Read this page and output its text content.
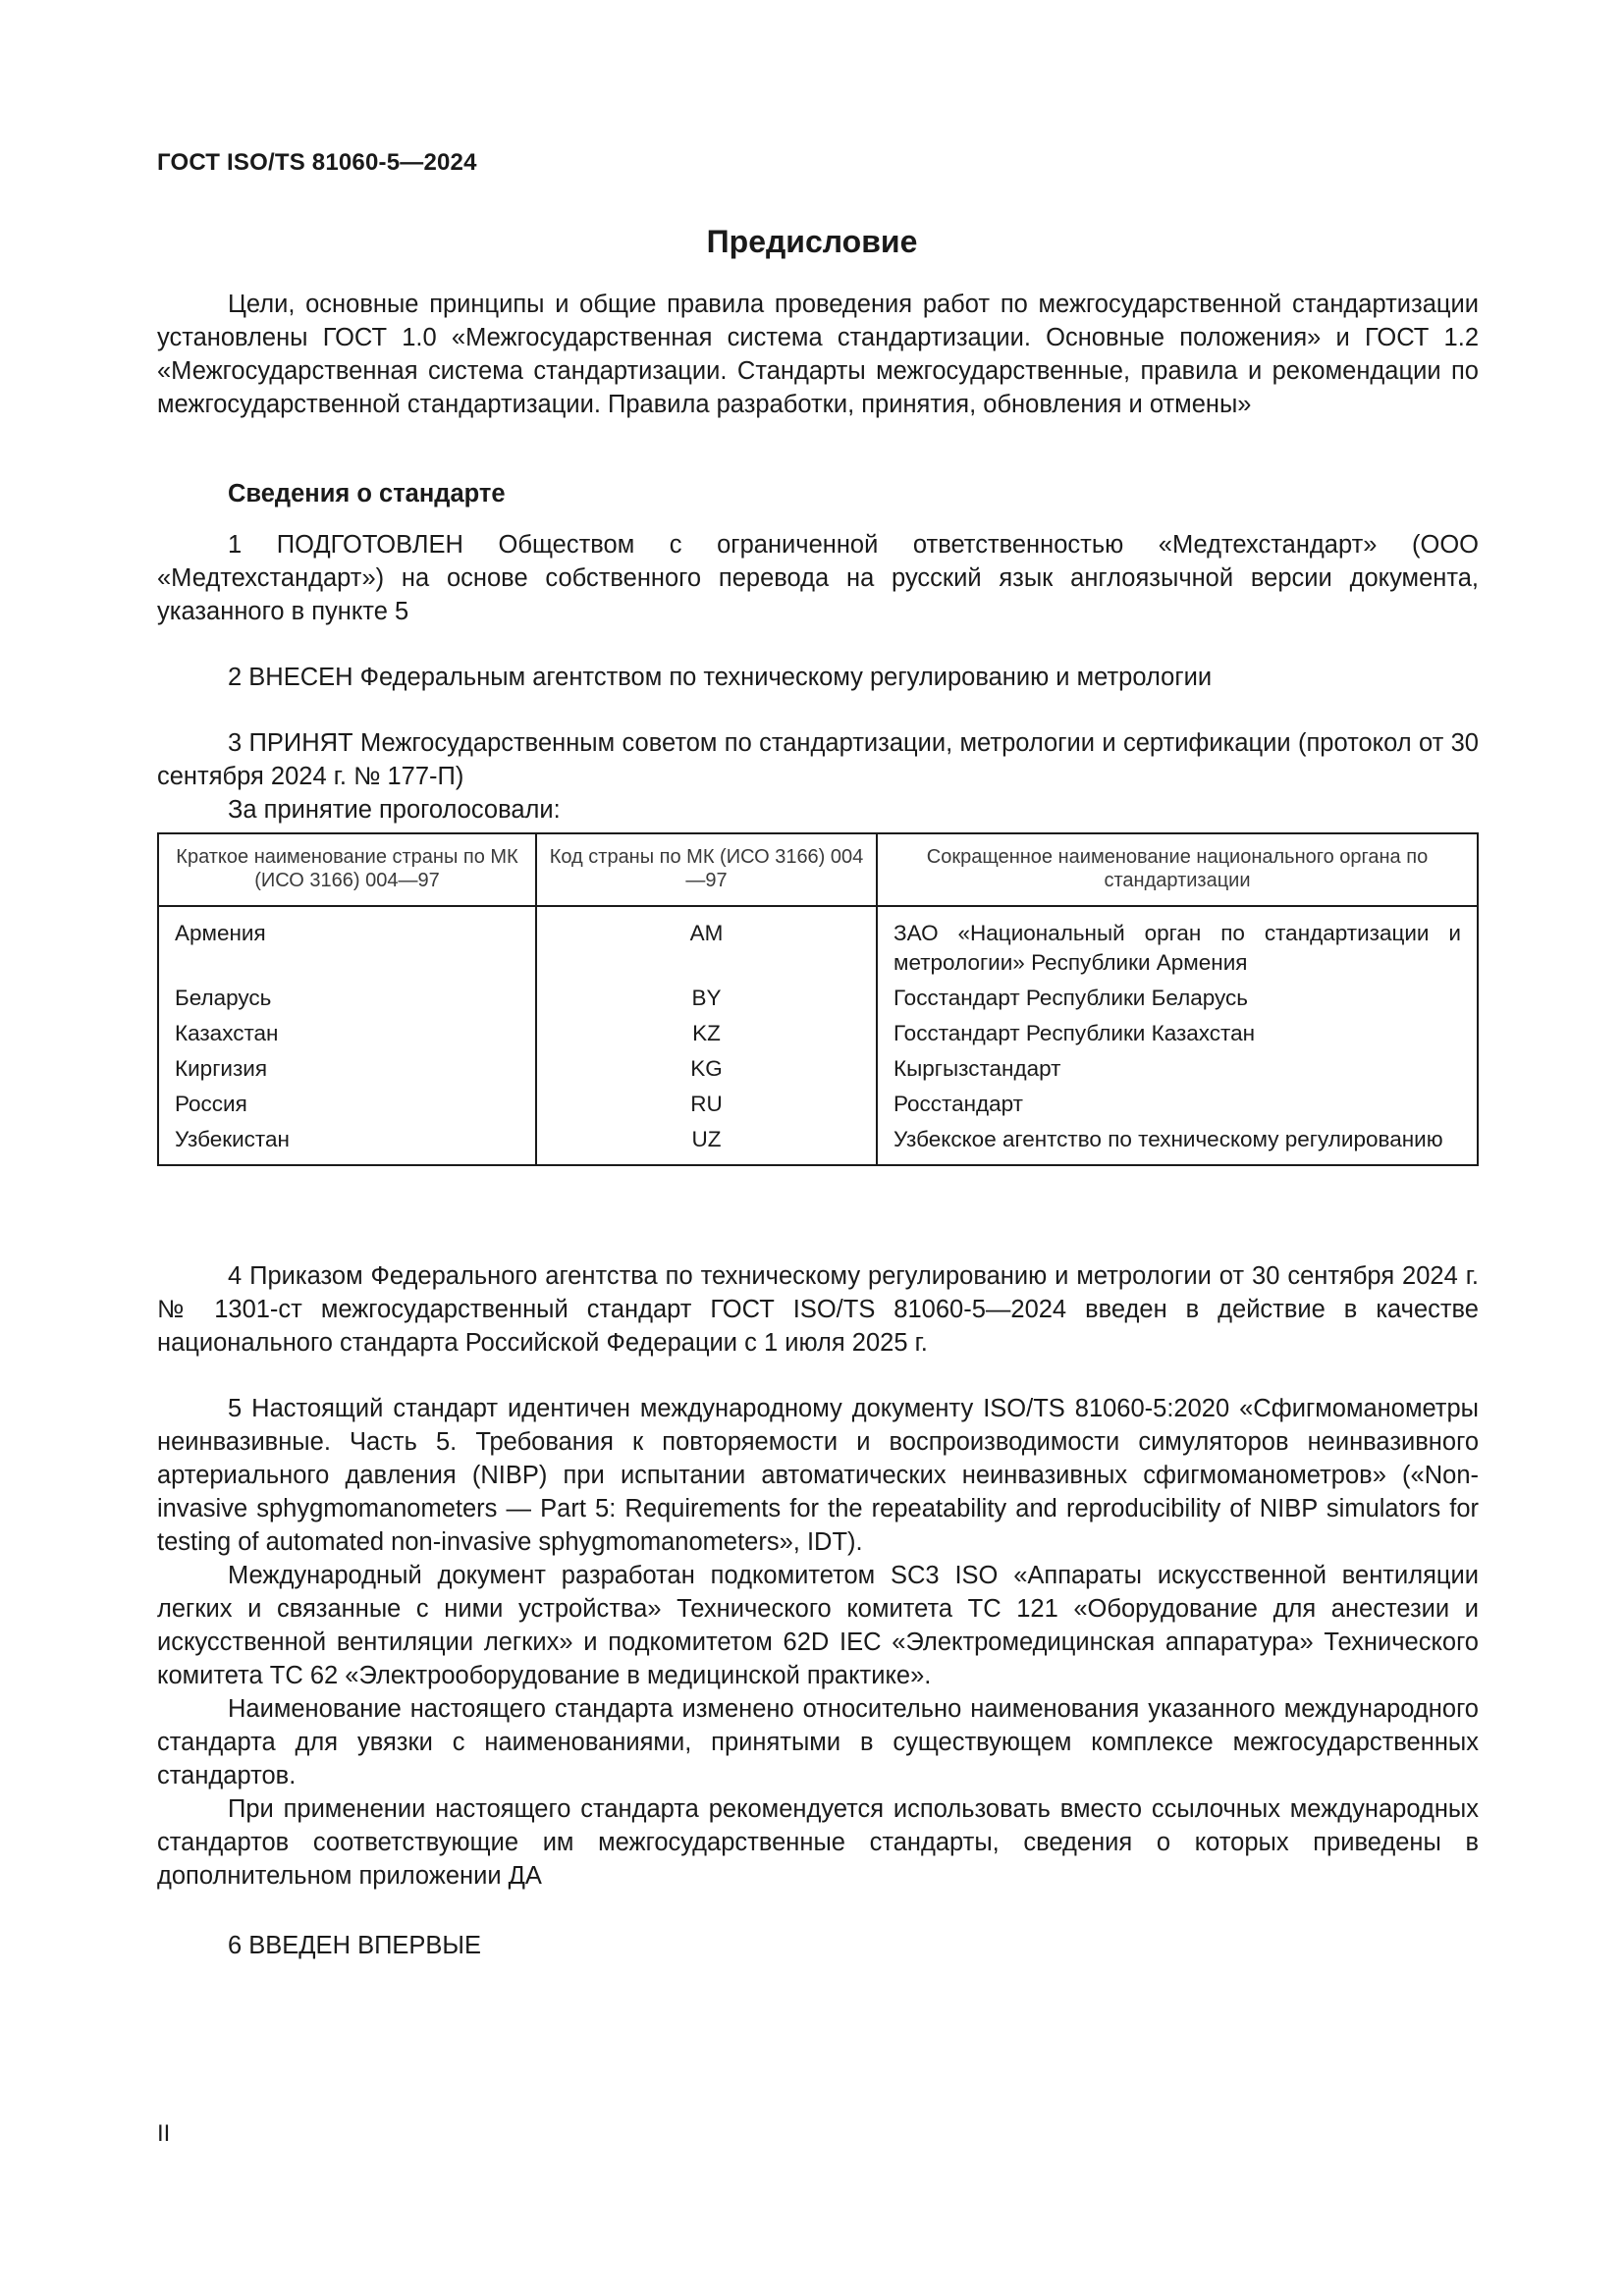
ГОСТ ISO/TS 81060-5—2024
Предисловие

Цели, основные принципы и общие правила проведения работ по межгосударственной стандартизации установлены ГОСТ 1.0 «Межгосударственная система стандартизации. Основные положения» и ГОСТ 1.2 «Межгосударственная система стандартизации. Стандарты межгосударственные, правила и рекомендации по межгосударственной стандартизации. Правила разработки, принятия, обновления и отмены»

Сведения о стандарте

1 ПОДГОТОВЛЕН Обществом с ограниченной ответственностью «Медтехстандарт» (ООО «Медтехстандарт») на основе собственного перевода на русский язык англоязычной версии документа, указанного в пункте 5

2 ВНЕСЕН Федеральным агентством по техническому регулированию и метрологии

3 ПРИНЯТ Межгосударственным советом по стандартизации, метрологии и сертификации (протокол от 30 сентября 2024 г. № 177-П)

За принятие проголосовали:

Краткое наименование страны по МК (ИСО 3166) 004—97	Код страны по МК (ИСО 3166) 004—97	Сокращенное наименование национального органа по стандартизации
Армения	AM	ЗАО «Национальный орган по стандартизации и метрологии» Республики Армения
Беларусь	BY	Госстандарт Республики Беларусь
Казахстан	KZ	Госстандарт Республики Казахстан
Киргизия	KG	Кыргызстандарт
Россия	RU	Росстандарт
Узбекистан	UZ	Узбекское агентство по техническому регулированию

4 Приказом Федерального агентства по техническому регулированию и метрологии от 30 сентября 2024 г. № 1301-ст межгосударственный стандарт ГОСТ ISO/TS 81060-5—2024 введен в действие в качестве национального стандарта Российской Федерации с 1 июля 2025 г.

5 Настоящий стандарт идентичен международному документу ISO/TS 81060-5:2020 «Сфигмоманометры неинвазивные. Часть 5. Требования к повторяемости и воспроизводимости симуляторов неинвазивного артериального давления (NIBP) при испытании автоматических неинвазивных сфигмоманометров» («Non-invasive sphygmomanometers — Part 5: Requirements for the repeatability and reproducibility of NIBP simulators for testing of automated non-invasive sphygmomanometers», IDT).

Международный документ разработан подкомитетом SC3 ISO «Аппараты искусственной вентиляции легких и связанные с ними устройства» Технического комитета ТС 121 «Оборудование для анестезии и искусственной вентиляции легких» и подкомитетом 62D IEC «Электромедицинская аппаратура» Технического комитета ТС 62 «Электрооборудование в медицинской практике».

Наименование настоящего стандарта изменено относительно наименования указанного международного стандарта для увязки с наименованиями, принятыми в существующем комплексе межгосударственных стандартов.

При применении настоящего стандарта рекомендуется использовать вместо ссылочных международных стандартов соответствующие им межгосударственные стандарты, сведения о которых приведены в дополнительном приложении ДА

6 ВВЕДЕН ВПЕРВЫЕ

II
